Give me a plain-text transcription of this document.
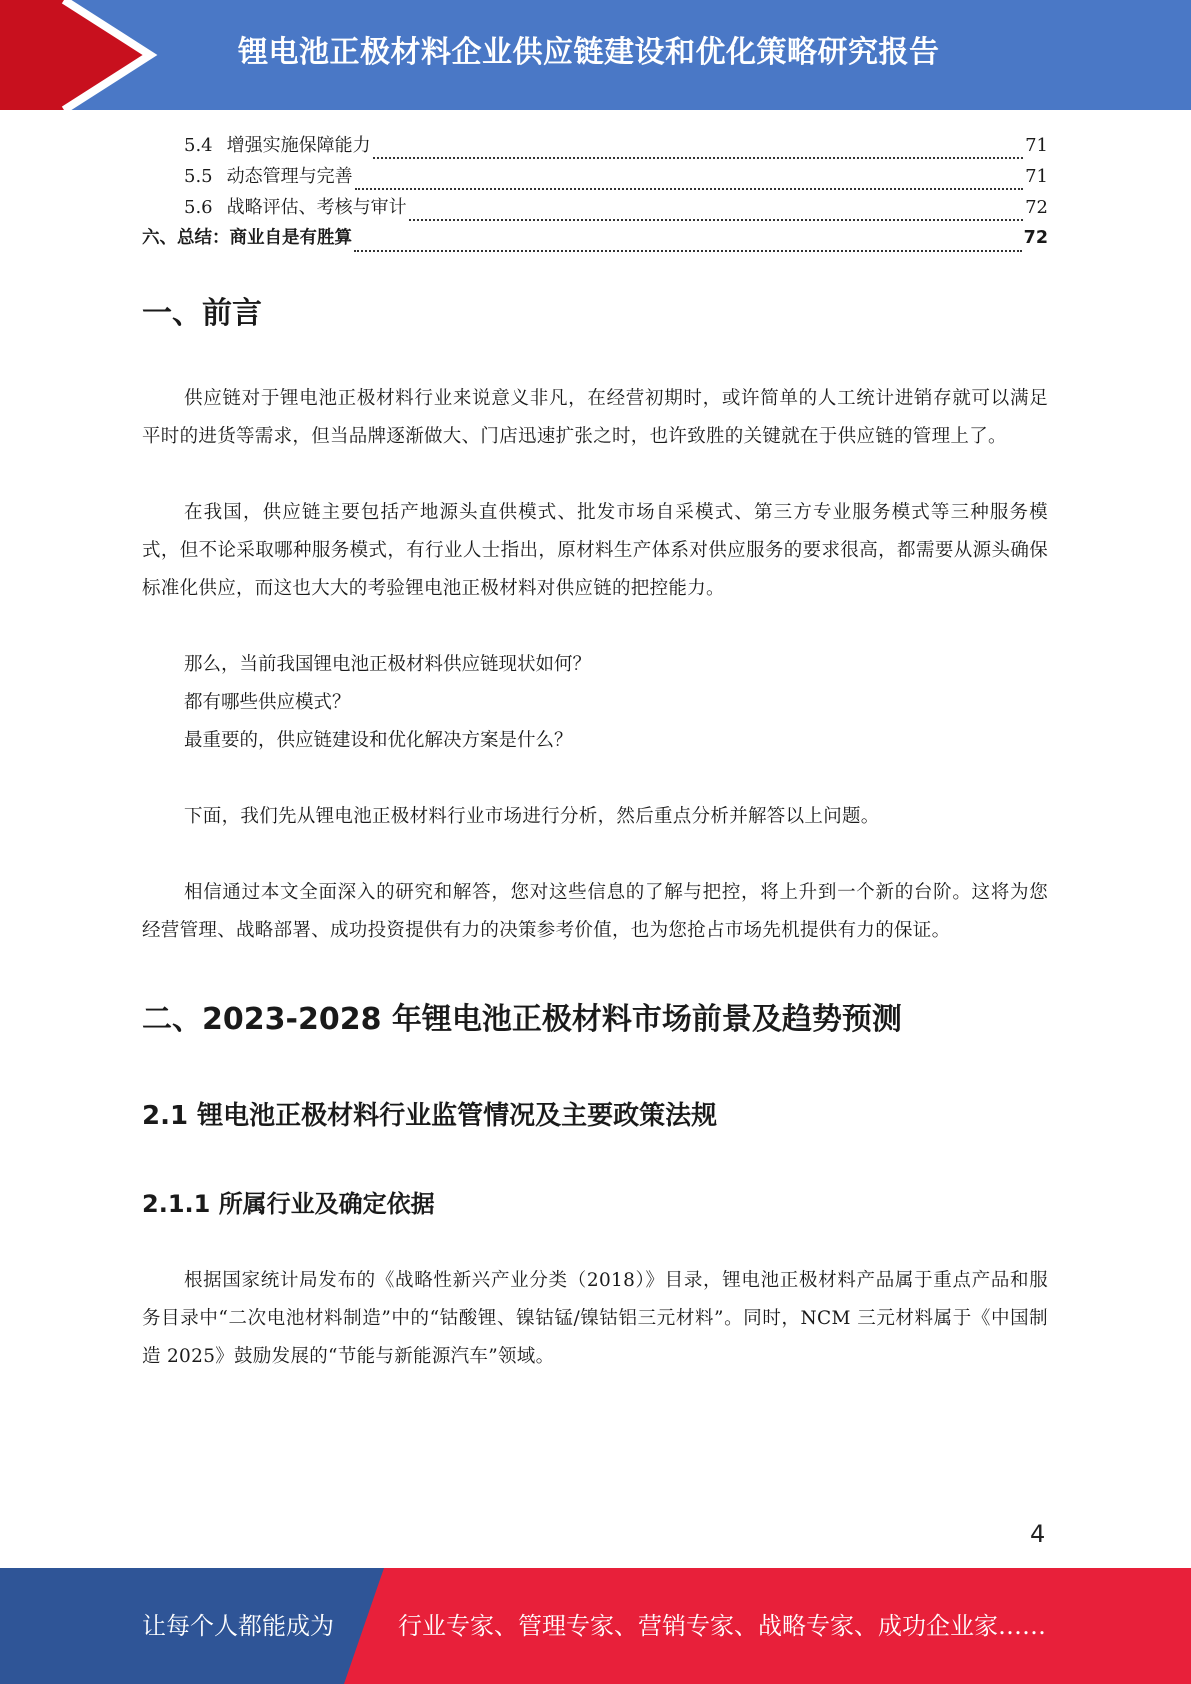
锂电池正极材料企业供应链建设和优化策略研究报告
5.4 增强实施保障能力	71
5.5 动态管理与完善	71
5.6 战略评估、考核与审计	72
六、总结：商业自是有胜算	72
一、前言

供应链对于锂电池正极材料行业来说意义非凡，在经营初期时，或许简单的人工统计进销存就可以满足平时的进货等需求，但当品牌逐渐做大、门店迅速扩张之时，也许致胜的关键就在于供应链的管理上了。

在我国，供应链主要包括产地源头直供模式、批发市场自采模式、第三方专业服务模式等三种服务模式，但不论采取哪种服务模式，有行业人士指出，原材料生产体系对供应服务的要求很高，都需要从源头确保标准化供应，而这也大大的考验锂电池正极材料对供应链的把控能力。

那么，当前我国锂电池正极材料供应链现状如何？

都有哪些供应模式？

最重要的，供应链建设和优化解决方案是什么？

下面，我们先从锂电池正极材料行业市场进行分析，然后重点分析并解答以上问题。

相信通过本文全面深入的研究和解答，您对这些信息的了解与把控，将上升到一个新的台阶。这将为您经营管理、战略部署、成功投资提供有力的决策参考价值，也为您抢占市场先机提供有力的保证。

二、2023-2028 年锂电池正极材料市场前景及趋势预测
2.1 锂电池正极材料行业监管情况及主要政策法规
2.1.1 所属行业及确定依据

根据国家统计局发布的《战略性新兴产业分类（2018）》目录，锂电池正极材料产品属于重点产品和服务目录中“二次电池材料制造”中的“钴酸锂、镍钴锰/镍钴铝三元材料”。同时，NCM 三元材料属于《中国制造 2025》鼓励发展的“节能与新能源汽车”领域。

4
让每个人都能成为	行业专家、管理专家、营销专家、战略专家、成功企业家……
